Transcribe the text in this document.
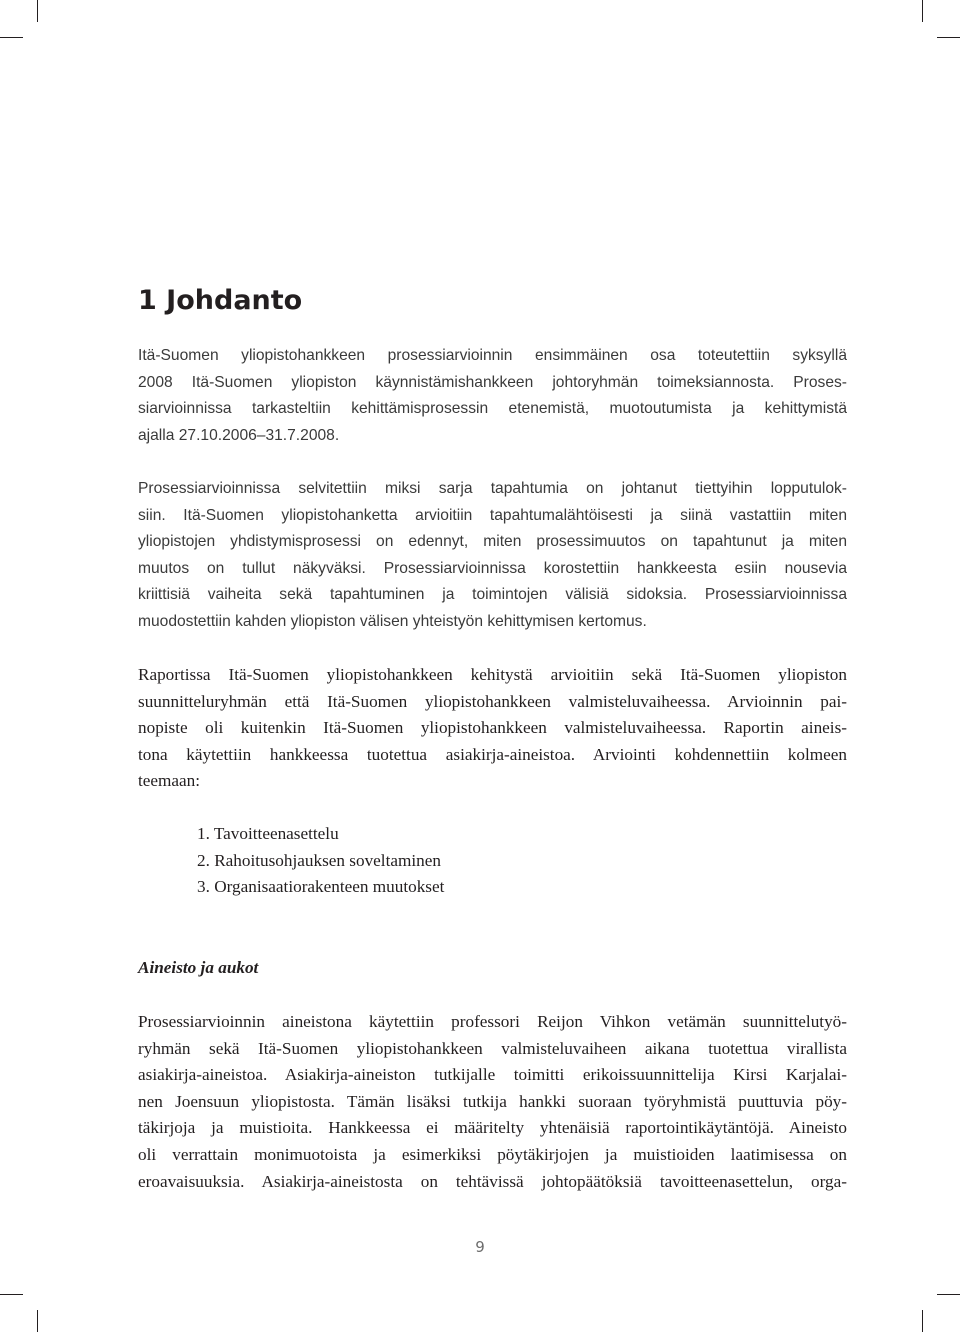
1 Johdanto

Itä-Suomen yliopistohankkeen prosessiarvioinnin ensimmäinen osa toteutettiin syksyllä
2008 Itä-Suomen yliopiston käynnistämishankkeen johtoryhmän toimeksiannosta. Proses-
siarvioinnissa tarkasteltiin kehittämisprosessin etenemistä, muotoutumista ja kehittymistä
ajalla 27.10.2006–31.7.2008.

Prosessiarvioinnissa selvitettiin miksi sarja tapahtumia on johtanut tiettyihin lopputulok-
siin. Itä-Suomen yliopistohanketta arvioitiin tapahtumalähtöisesti ja siinä vastattiin miten
yliopistojen yhdistymisprosessi on edennyt, miten prosessimuutos on tapahtunut ja miten
muutos on tullut näkyväksi. Prosessiarvioinnissa korostettiin hankkeesta esiin nousevia
kriittisiä vaiheita sekä tapahtuminen ja toimintojen välisiä sidoksia. Prosessiarvioinnissa
muodostettiin kahden yliopiston välisen yhteistyön kehittymisen kertomus.

Raportissa Itä-Suomen yliopistohankkeen kehitystä arvioitiin sekä Itä-Suomen yliopiston
suunnitteluryhmän että Itä-Suomen yliopistohankkeen valmisteluvaiheessa. Arvioinnin pai-
nopiste oli kuitenkin Itä-Suomen yliopistohankkeen valmisteluvaiheessa. Raportin aineis-
tona käytettiin hankkeessa tuotettua asiakirja-aineistoa. Arviointi kohdennettiin kolmeen
teemaan:

1. Tavoitteenasettelu
2. Rahoitusohjauksen soveltaminen
3. Organisaatiorakenteen muutokset
Aineisto ja aukot

Prosessiarvioinnin aineistona käytettiin professori Reijon Vihkon vetämän suunnittelutyö-
ryhmän sekä Itä-Suomen yliopistohankkeen valmisteluvaiheen aikana tuotettua virallista
asiakirja-aineistoa. Asiakirja-aineiston tutkijalle toimitti erikoissuunnittelija Kirsi Karjalai-
nen Joensuun yliopistosta. Tämän lisäksi tutkija hankki suoraan työryhmistä puuttuvia pöy-
täkirjoja ja muistioita. Hankkeessa ei määritelty yhtenäisiä raportointikäytäntöjä. Aineisto
oli verrattain monimuotoista ja esimerkiksi pöytäkirjojen ja muistioiden laatimisessa on
eroavaisuuksia. Asiakirja-aineistosta on tehtävissä johtopäätöksiä tavoitteenasettelun, orga-

9
